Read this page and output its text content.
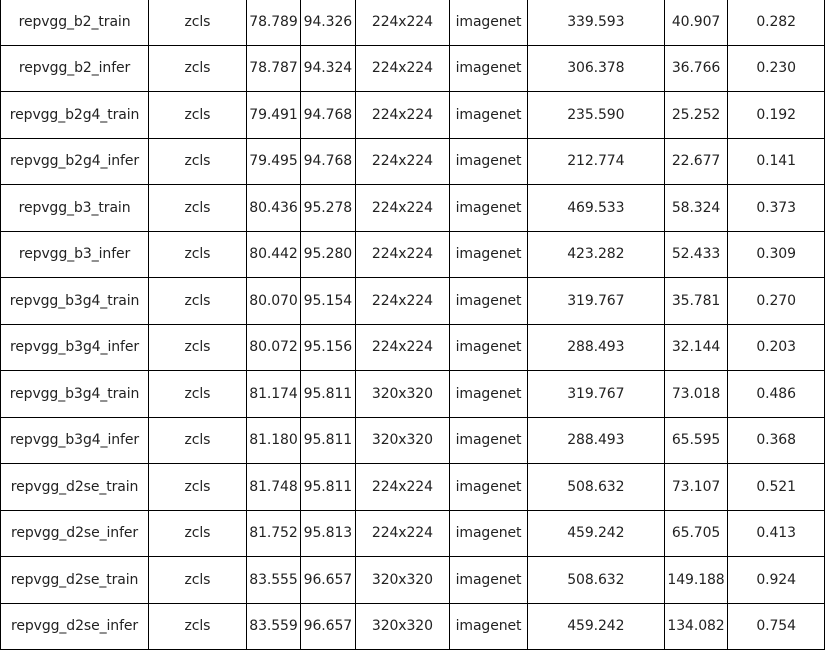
repvgg_b2_train	zcls	78.789	94.326	224x224	imagenet	339.593	40.907	0.282
repvgg_b2_infer	zcls	78.787	94.324	224x224	imagenet	306.378	36.766	0.230
repvgg_b2g4_train	zcls	79.491	94.768	224x224	imagenet	235.590	25.252	0.192
repvgg_b2g4_infer	zcls	79.495	94.768	224x224	imagenet	212.774	22.677	0.141
repvgg_b3_train	zcls	80.436	95.278	224x224	imagenet	469.533	58.324	0.373
repvgg_b3_infer	zcls	80.442	95.280	224x224	imagenet	423.282	52.433	0.309
repvgg_b3g4_train	zcls	80.070	95.154	224x224	imagenet	319.767	35.781	0.270
repvgg_b3g4_infer	zcls	80.072	95.156	224x224	imagenet	288.493	32.144	0.203
repvgg_b3g4_train	zcls	81.174	95.811	320x320	imagenet	319.767	73.018	0.486
repvgg_b3g4_infer	zcls	81.180	95.811	320x320	imagenet	288.493	65.595	0.368
repvgg_d2se_train	zcls	81.748	95.811	224x224	imagenet	508.632	73.107	0.521
repvgg_d2se_infer	zcls	81.752	95.813	224x224	imagenet	459.242	65.705	0.413
repvgg_d2se_train	zcls	83.555	96.657	320x320	imagenet	508.632	149.188	0.924
repvgg_d2se_infer	zcls	83.559	96.657	320x320	imagenet	459.242	134.082	0.754
